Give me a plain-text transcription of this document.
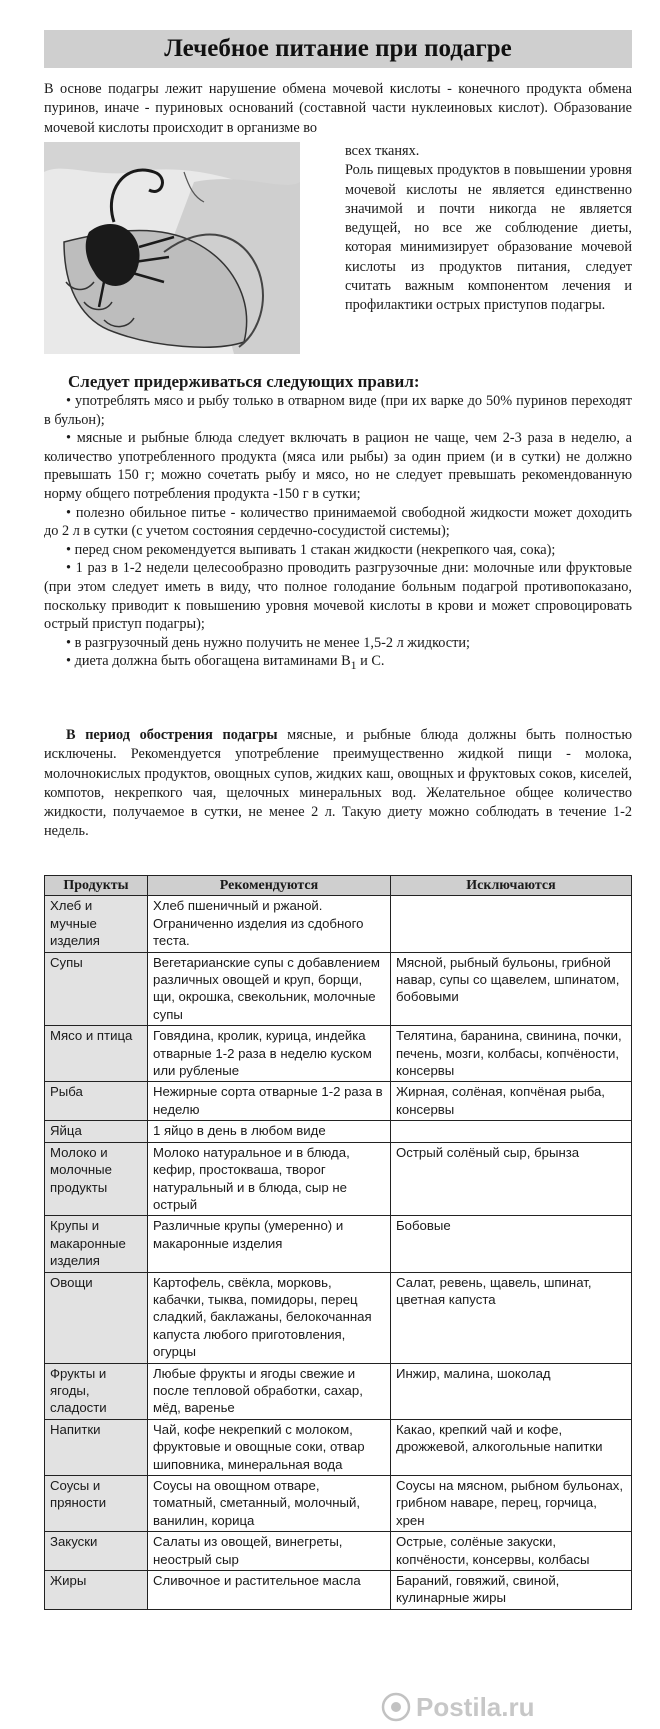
Лечебное питание при подагре
В основе подагры лежит нарушение обмена мочевой кислоты - конечного продукта обмена пуринов, иначе - пуриновых оснований (составной части нуклеиновых кислот). Образование мочевой кислоты происходит в организме во
всех тканях.
Роль пищевых продуктов в повышении уровня мочевой кислоты не является единственно значимой и почти никогда не является ведущей, но все же соблюдение диеты, которая минимизирует образование мочевой кислоты из продуктов питания, следует считать важным компонентом лечения и профилактики острых приступов подагры.
Следует придерживаться следующих правил:
• употреблять мясо и рыбу только в отварном виде (при их варке до 50% пуринов переходят в бульон);
• мясные и рыбные блюда следует включать в рацион не чаще, чем 2-3 раза в неделю, а количество употребленного продукта (мяса или рыбы) за один прием (и в сутки) не должно превышать 150 г; можно сочетать рыбу и мясо, но не следует превышать рекомендованную норму общего потребления продукта -150 г в сутки;
• полезно обильное питье - количество принимаемой свободной жидкости может доходить до 2 л в сутки (с учетом состояния сердечно-сосудистой системы);
• перед сном рекомендуется выпивать 1 стакан жидкости (некрепкого чая, сока);
• 1 раз в 1-2 недели целесообразно проводить разгрузочные дни: молочные или фруктовые (при этом следует иметь в виду, что полное голодание больным подагрой противопоказано, поскольку приводит к повышению уровня мочевой кислоты в крови и может спровоцировать острый приступ подагры);
• в разгрузочный день нужно получить не менее 1,5-2 л жидкости;
• диета должна быть обогащена витаминами $B_1$ и C.
В период обострения подагры мясные, и рыбные блюда должны быть полностью исключены. Рекомендуется употребление преимущественно жидкой пищи - молока, молочнокислых продуктов, овощных супов, жидких каш, овощных и фруктовых соков, киселей, компотов, некрепкого чая, щелочных минеральных вод. Желательное общее количество жидкости, получаемое в сутки, не менее 2 л. Такую диету можно соблюдать в течение 1-2 недель.
Продукты	Рекомендуются	Исключаются
Хлеб и мучные изделия	Хлеб пшеничный и ржаной. Ограниченно изделия из сдобного теста.	
Супы	Вегетарианские супы с добавлением различных овощей и круп, борщи, щи, окрошка, свекольник, молочные супы	Мясной, рыбный бульоны, грибной навар, супы со щавелем, шпинатом, бобовыми
Мясо и птица	Говядина, кролик, курица, индейка отварные 1-2 раза в неделю куском или рубленые	Телятина, баранина, свинина, почки, печень, мозги, колбасы, копчёности, консервы
Рыба	Нежирные сорта отварные 1-2 раза в неделю	Жирная, солёная, копчёная рыба, консервы
Яйца	1 яйцо в день в любом виде	
Молоко и молочные продукты	Молоко натуральное и в блюда, кефир, простокваша, творог натуральный и в блюда, сыр не острый	Острый солёный сыр, брынза
Крупы и макаронные изделия	Различные крупы (умеренно) и макаронные изделия	Бобовые
Овощи	Картофель, свёкла, морковь, кабачки, тыква, помидоры, перец сладкий, баклажаны, белокочанная капуста любого приготовления, огурцы	Салат, ревень, щавель, шпинат, цветная капуста
Фрукты и ягоды, сладости	Любые фрукты и ягоды свежие и после тепловой обработки, сахар, мёд, варенье	Инжир, малина, шоколад
Напитки	Чай, кофе некрепкий с молоком, фруктовые и овощные соки, отвар шиповника, минеральная вода	Какао, крепкий чай и кофе, дрожжевой, алкогольные напитки
Соусы и пряности	Соусы на овощном отваре, томатный, сметанный, молочный, ванилин, корица	Соусы на мясном, рыбном бульонах, грибном наваре, перец, горчица, хрен
Закуски	Салаты из овощей, винегреты, неострый сыр	Острые, солёные закуски, копчёности, консервы, колбасы
Жиры	Сливочное и растительное масла	Бараний, говяжий, свиной, кулинарные жиры
Postila.ru
